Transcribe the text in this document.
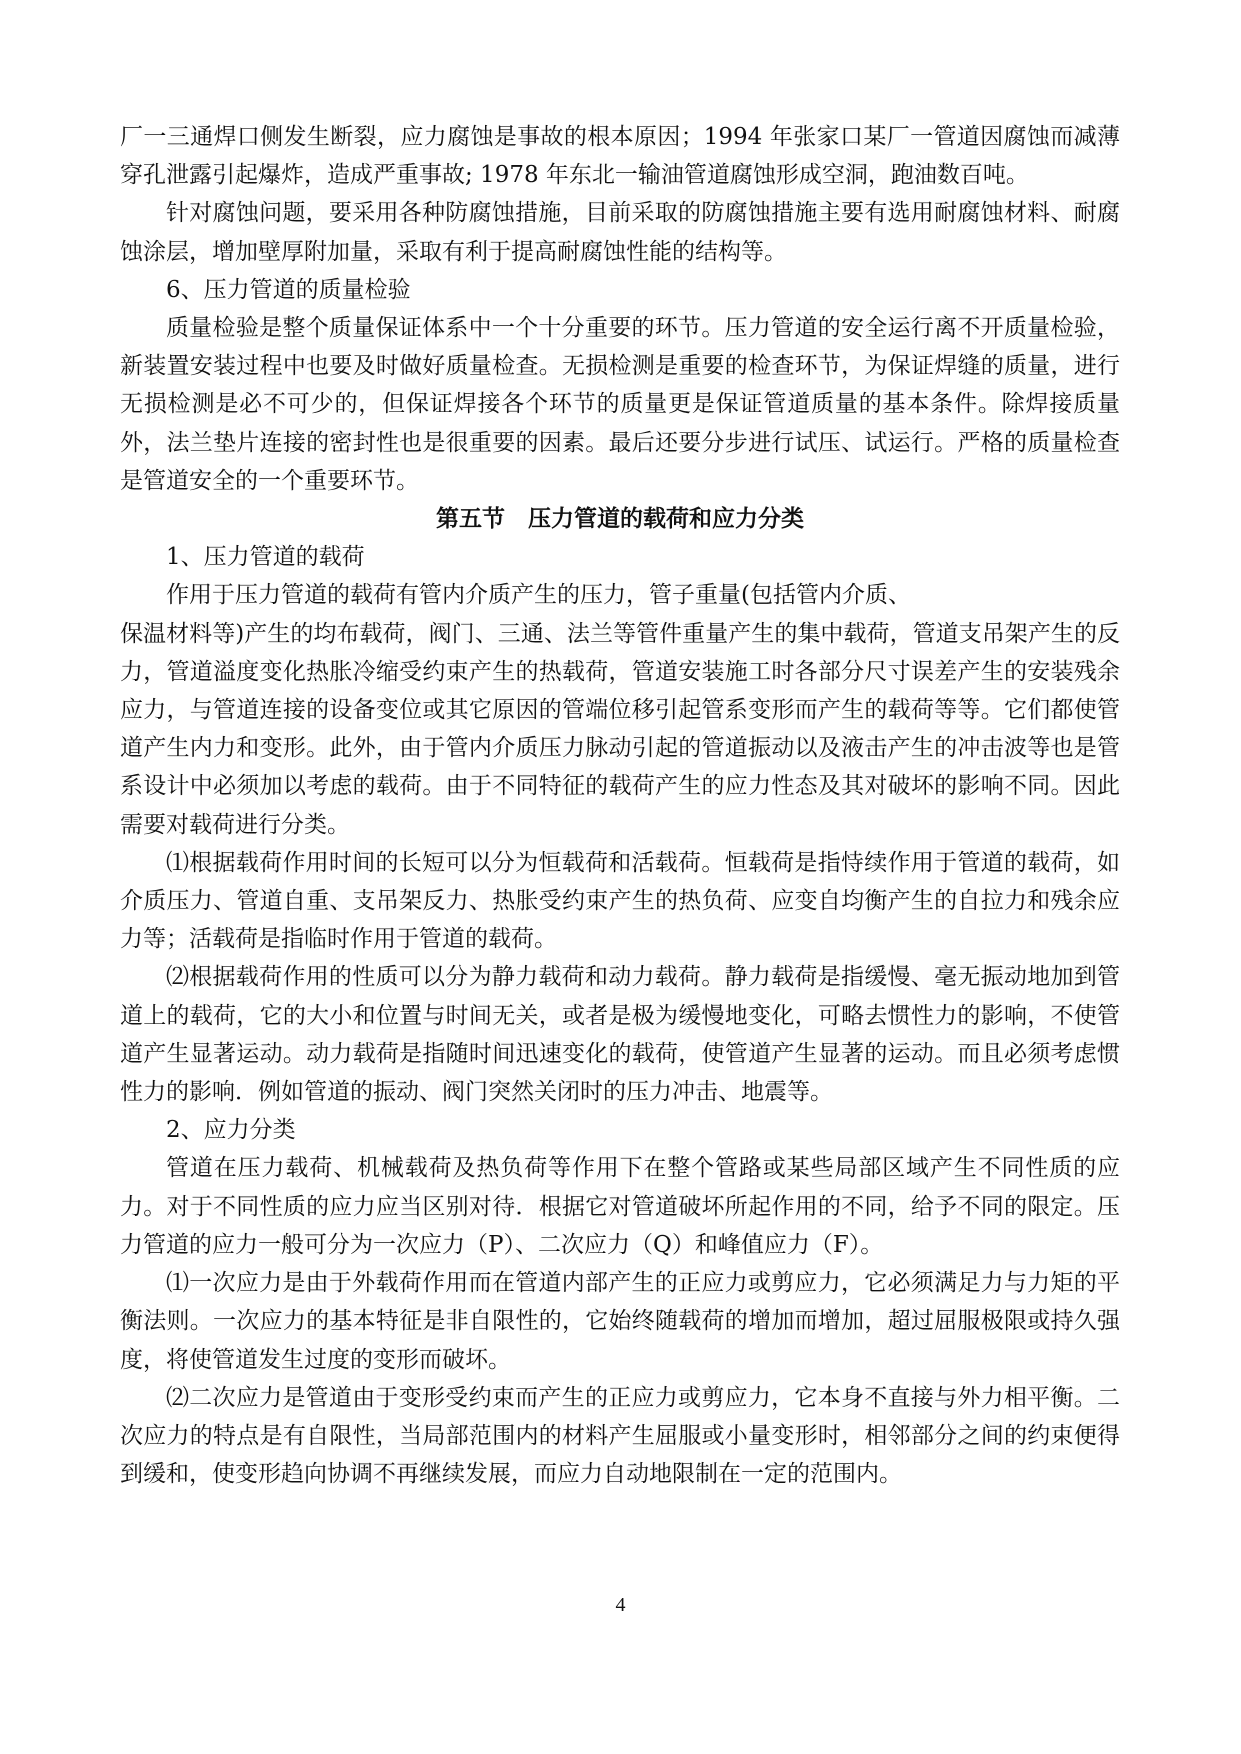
厂一三通焊口侧发生断裂，应力腐蚀是事故的根本原因；1994 年张家口某厂一管道因腐蚀而减薄穿孔泄露引起爆炸，造成严重事故; 1978 年东北一输油管道腐蚀形成空洞，跑油数百吨。

针对腐蚀问题，要采用各种防腐蚀措施，目前采取的防腐蚀措施主要有选用耐腐蚀材料、耐腐蚀涂层，增加壁厚附加量，采取有利于提高耐腐蚀性能的结构等。

6、压力管道的质量检验

质量检验是整个质量保证体系中一个十分重要的环节。压力管道的安全运行离不开质量检验，新装置安装过程中也要及时做好质量检查。无损检测是重要的检查环节，为保证焊缝的质量，进行无损检测是必不可少的，但保证焊接各个环节的质量更是保证管道质量的基本条件。除焊接质量外，法兰垫片连接的密封性也是很重要的因素。最后还要分步进行试压、试运行。严格的质量检查是管道安全的一个重要环节。

第五节　压力管道的载荷和应力分类

1、压力管道的载荷

作用于压力管道的载荷有管内介质产生的压力，管子重量(包括管内介质、

保温材料等)产生的均布载荷，阀门、三通、法兰等管件重量产生的集中载荷，管道支吊架产生的反力，管道溢度变化热胀冷缩受约束产生的热载荷，管道安装施工时各部分尺寸误差产生的安装残余应力，与管道连接的设备变位或其它原因的管端位移引起管系变形而产生的载荷等等。它们都使管道产生内力和变形。此外，由于管内介质压力脉动引起的管道振动以及液击产生的冲击波等也是管系设计中必须加以考虑的载荷。由于不同特征的载荷产生的应力性态及其对破坏的影响不同。因此需要对载荷进行分类。

⑴根据载荷作用时间的长短可以分为恒载荷和活载荷。恒载荷是指恃续作用于管道的载荷，如介质压力、管道自重、支吊架反力、热胀受约束产生的热负荷、应变自均衡产生的自拉力和残余应力等；活载荷是指临时作用于管道的载荷。

⑵根据载荷作用的性质可以分为静力载荷和动力载荷。静力载荷是指缓慢、毫无振动地加到管道上的载荷，它的大小和位置与时间无关，或者是极为缓慢地变化，可略去惯性力的影响，不使管道产生显著运动。动力载荷是指随时间迅速变化的载荷，使管道产生显著的运动。而且必须考虑惯性力的影响．例如管道的振动、阀门突然关闭时的压力冲击、地震等。

2、应力分类

管道在压力载荷、机械载荷及热负荷等作用下在整个管路或某些局部区域产生不同性质的应力。对于不同性质的应力应当区别对待．根据它对管道破坏所起作用的不同，给予不同的限定。压力管道的应力一般可分为一次应力（P）、二次应力（Q）和峰值应力（F）。

⑴一次应力是由于外载荷作用而在管道内部产生的正应力或剪应力，它必须满足力与力矩的平衡法则。一次应力的基本特征是非自限性的，它始终随载荷的增加而增加，超过屈服极限或持久强度，将使管道发生过度的变形而破坏。

⑵二次应力是管道由于变形受约束而产生的正应力或剪应力，它本身不直接与外力相平衡。二次应力的特点是有自限性，当局部范围内的材料产生屈服或小量变形时，相邻部分之间的约束便得到缓和，使变形趋向协调不再继续发展，而应力自动地限制在一定的范围内。

4
